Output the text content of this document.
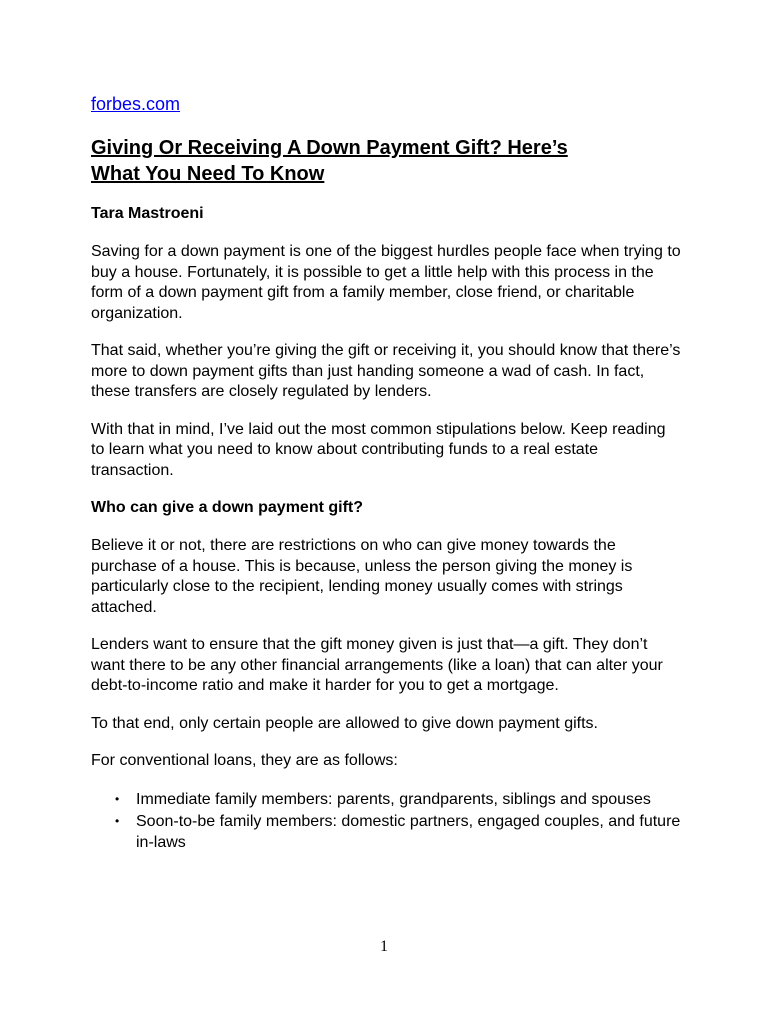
forbes.com
Giving Or Receiving A Down Payment Gift? Here’s
What You Need To Know
Tara Mastroeni

Saving for a down payment is one of the biggest hurdles people face when trying to buy a house. Fortunately, it is possible to get a little help with this process in the form of a down payment gift from a family member, close friend, or charitable organization.

That said, whether you’re giving the gift or receiving it, you should know that there’s more to down payment gifts than just handing someone a wad of cash. In fact, these transfers are closely regulated by lenders.

With that in mind, I’ve laid out the most common stipulations below. Keep reading to learn what you need to know about contributing funds to a real estate transaction.

Who can give a down payment gift?

Believe it or not, there are restrictions on who can give money towards the purchase of a house. This is because, unless the person giving the money is particularly close to the recipient, lending money usually comes with strings attached.

Lenders want to ensure that the gift money given is just that—a gift. They don’t want there to be any other financial arrangements (like a loan) that can alter your debt-to-income ratio and make it harder for you to get a mortgage.

To that end, only certain people are allowed to give down payment gifts.

For conventional loans, they are as follows:

• Immediate family members: parents, grandparents, siblings and spouses
• Soon-to-be family members: domestic partners, engaged couples, and future in-laws
1
